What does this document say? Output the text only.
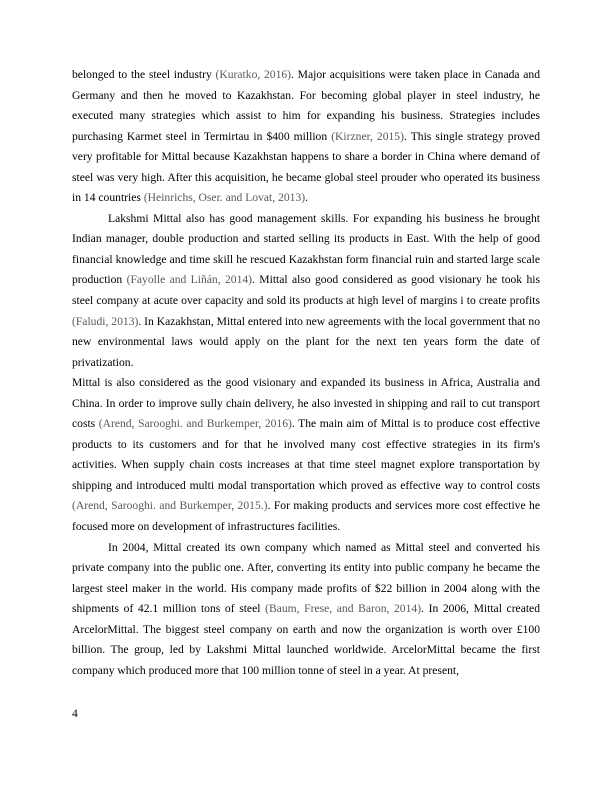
belonged to the steel industry (Kuratko, 2016). Major acquisitions were taken place in Canada and Germany and then he moved to Kazakhstan. For becoming global player in steel industry, he executed many strategies which assist to him for expanding his business. Strategies includes purchasing Karmet steel in Termirtau in $400 million (Kirzner, 2015). This single strategy proved very profitable for Mittal because Kazakhstan happens to share a border in China where demand of steel was very high. After this acquisition, he became global steel prouder who operated its business in 14 countries (Heinrichs, Oser. and Lovat, 2013).

Lakshmi Mittal also has good management skills. For expanding his business he brought Indian manager, double production and started selling its products in East. With the help of good financial knowledge and time skill he rescued Kazakhstan form financial ruin and started large scale production (Fayolle and Liñán, 2014). Mittal also good considered as good visionary he took his steel company at acute over capacity and sold its products at high level of margins i to create profits (Faludi, 2013). In Kazakhstan, Mittal entered into new agreements with the local government that no new environmental laws would apply on the plant for the next ten years form the date of privatization.

Mittal is also considered as the good visionary and expanded its business in Africa, Australia and China. In order to improve sully chain delivery, he also invested in shipping and rail to cut transport costs (Arend, Sarooghi. and Burkemper, 2016). The main aim of Mittal is to produce cost effective products to its customers and for that he involved many cost effective strategies in its firm's activities. When supply chain costs increases at that time steel magnet explore transportation by shipping and introduced multi modal transportation which proved as effective way to control costs (Arend, Sarooghi. and Burkemper, 2015.). For making products and services more cost effective he focused more on development of infrastructures facilities.

In 2004, Mittal created its own company which named as Mittal steel and converted his private company into the public one. After, converting its entity into public company he became the largest steel maker in the world. His company made profits of $22 billion in 2004 along with the shipments of 42.1 million tons of steel (Baum, Frese, and Baron, 2014). In 2006, Mittal created ArcelorMittal. The biggest steel company on earth and now the organization is worth over £100 billion. The group, led by Lakshmi Mittal launched worldwide. ArcelorMittal became the first company which produced more that 100 million tonne of steel in a year. At present,

4
